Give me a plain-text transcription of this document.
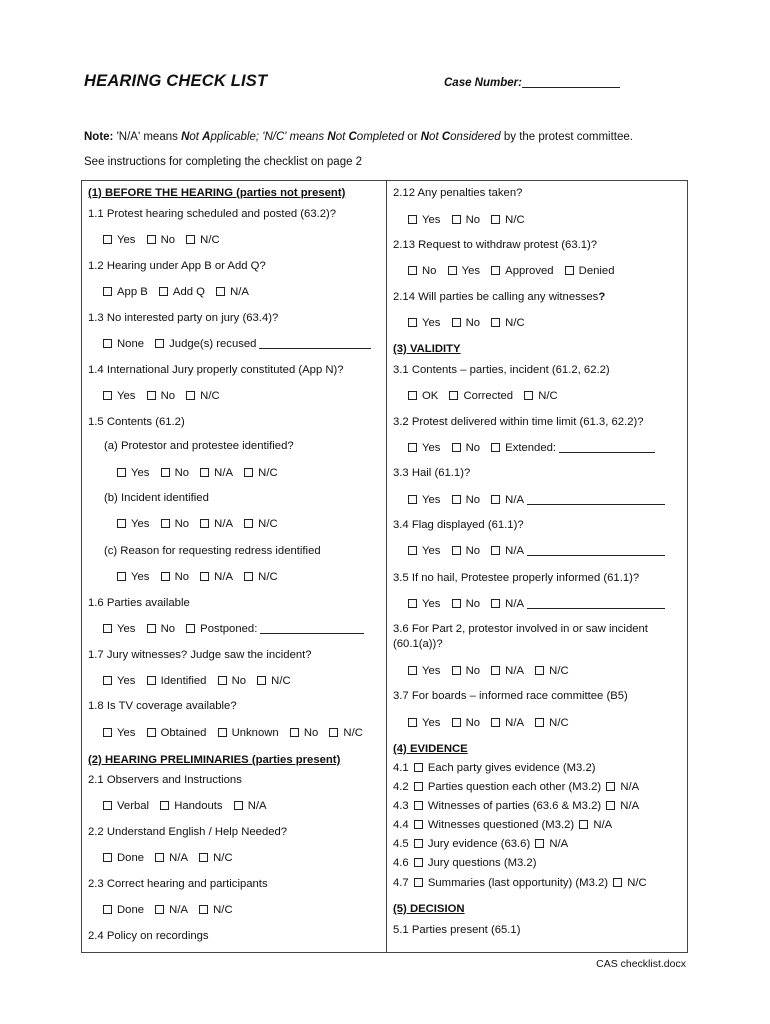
HEARING CHECK LIST	Case Number:
Note: 'N/A' means Not Applicable; 'N/C' means Not Completed or Not Considered by the protest committee.
See instructions for completing the checklist on page 2
(1) BEFORE THE HEARING (parties not present)
1.1 Protest hearing scheduled and posted (63.2)?
Yes No N/C
1.2 Hearing under App B or Add Q?
App B Add Q N/A
1.3 No interested party on jury (63.4)?
None Judge(s) recused
1.4 International Jury properly constituted (App N)?
Yes No N/C
1.5 Contents (61.2)
(a) Protestor and protestee identified?
Yes No N/A N/C
(b) Incident identified
Yes No N/A N/C
(c) Reason for requesting redress identified
Yes No N/A N/C
1.6 Parties available
Yes No Postponed:
1.7 Jury witnesses? Judge saw the incident?
Yes Identified No N/C
1.8 Is TV coverage available?
Yes Obtained Unknown No N/C
(2) HEARING PRELIMINARIES (parties present)
2.1 Observers and Instructions
Verbal Handouts N/A
2.2 Understand English / Help Needed?
Done N/A N/C
2.3 Correct hearing and participants
Done N/A N/C
2.4 Policy on recordings
2.12 Any penalties taken?
Yes No N/C
2.13 Request to withdraw protest (63.1)?
No Yes Approved Denied
2.14 Will parties be calling any witnesses?
Yes No N/C
(3) VALIDITY
3.1 Contents – parties, incident (61.2, 62.2)
OK Corrected N/C
3.2 Protest delivered within time limit (61.3, 62.2)?
Yes No Extended:
3.3 Hail (61.1)?
Yes No N/A
3.4 Flag displayed (61.1)?
Yes No N/A
3.5 If no hail, Protestee properly informed (61.1)?
Yes No N/A
3.6 For Part 2, protestor involved in or saw incident
(60.1(a))?
Yes No N/A N/C
3.7 For boards – informed race committee (B5)
Yes No N/A N/C
(4) EVIDENCE
4.1 Each party gives evidence (M3.2)
4.2 Parties question each other (M3.2) N/A
4.3 Witnesses of parties (63.6 & M3.2) N/A
4.4 Witnesses questioned (M3.2) N/A
4.5 Jury evidence (63.6) N/A
4.6 Jury questions (M3.2)
4.7 Summaries (last opportunity) (M3.2) N/C
(5) DECISION
5.1 Parties present (65.1)
CAS checklist.docx
